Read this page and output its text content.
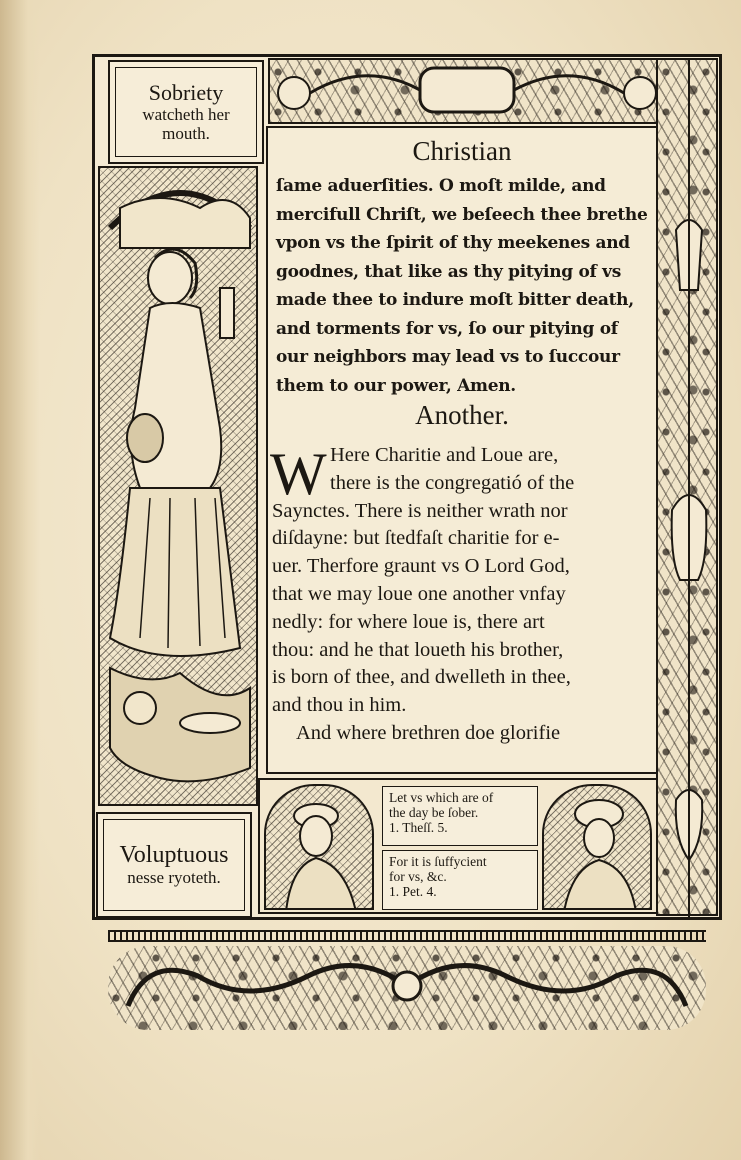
Sobriety
watcheth her
mouth.
Voluptuous
nesse ryoteth.
Christian
ſame aduerſities. O moſt milde, and
mercifull Chriſt, we beſeech thee brethe
vpon vs the ſpirit of thy meekenes and
goodnes, that like as thy pitying of vs
made thee to indure moſt bitter death,
and torments for vs, ſo our pitying of
our neighbors may lead vs to ſuccour
them to our power, Amen.
Another.
W Here Charitie and Loue are,
there is the congregatió of the
Saynctes. There is neither wrath nor
diſdayne: but ſtedfaſt charitie for e-
uer. Therfore graunt vs O Lord God,
that we may loue one another vnfay
nedly: for where loue is, there art
thou: and he that loueth his brother,
is born of thee, and dwelleth in thee,
and thou in him.
And where brethren doe glorifie
Let vs which are of
the day be ſober.
1. Theſſ. 5.
For it is ſuffycient
for vs, &c.
1. Pet. 4.
